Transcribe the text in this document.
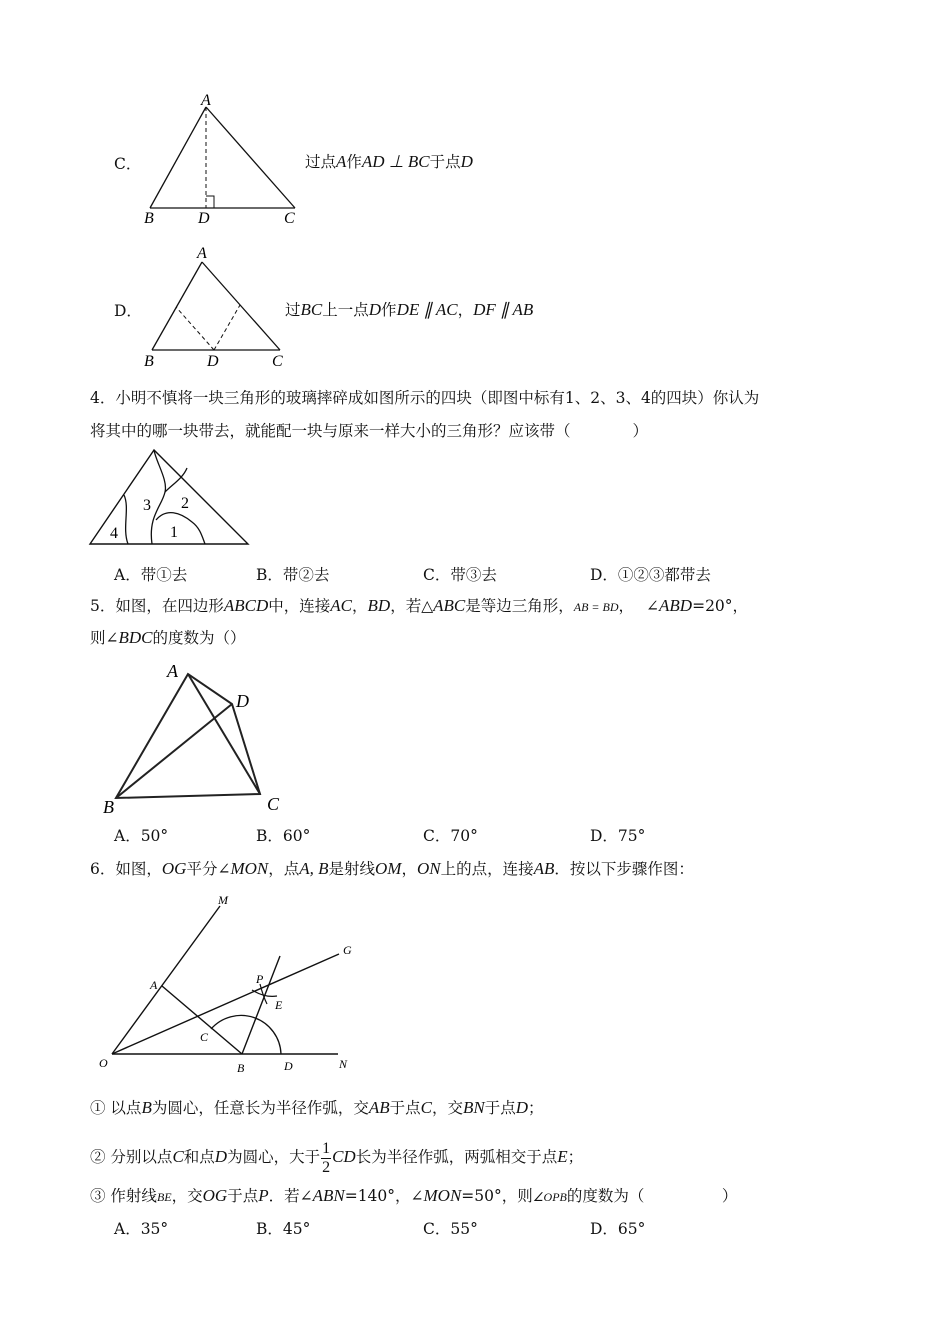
C．
A
B	D	C
过点A作AD ⊥ BC于点D
D．
A
B	D	C
过BC上一点D作DE ∥ AC，DF ∥ AB
4．小明不慎将一块三角形的玻璃摔碎成如图所示的四块（即图中标有1、2、3、4的四块）你认为
将其中的哪一块带去，就能配一块与原来一样大小的三角形？应该带（　　　　）
4
3 2
1
A．带①去	B．带②去	C．带③去	D．①②③都带去
5．如图，在四边形ABCD中，连接AC，BD，若△ABC是等边三角形，AB = BD， ∠ABD=20°，
则∠BDC的度数为（）
A
D
B	C
A．50°	B．60°	C．70°	D．75°
6．如图，OG平分∠MON，点A, B是射线OM，ON上的点，连接AB．按以下步骤作图：
M
G
A	P
E
C
O	B	D	N
① 以点B为圆心，任意长为半径作弧，交AB于点C，交BN于点D；
② 分别以点C和点D为圆心，大于 $\frac{1}{2}$ CD长为半径作弧，两弧相交于点E；
③ 作射线BE，交OG于点P．若∠ABN=140°，∠MON=50°，则∠OPB的度数为（　　　　　）
A．35°	B．45°	C．55°	D．65°
